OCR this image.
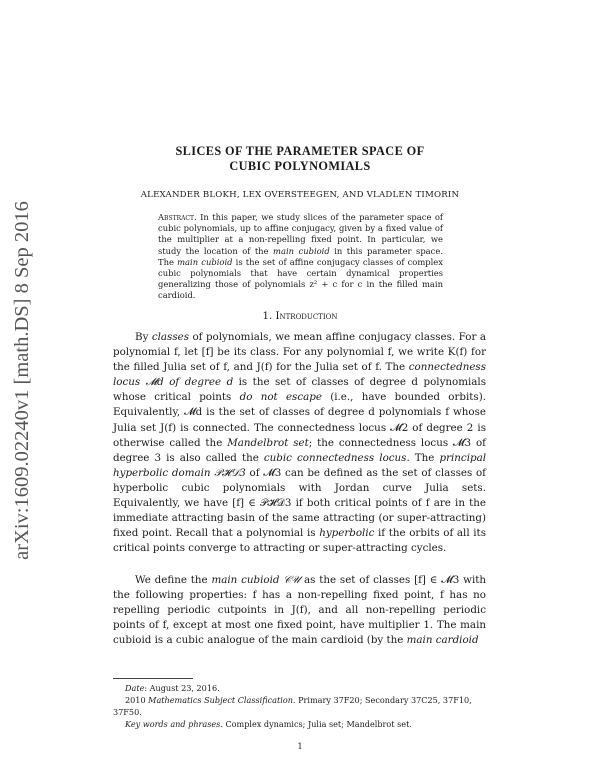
arXiv:1609.02240v1 [math.DS] 8 Sep 2016
SLICES OF THE PARAMETER SPACE OF
CUBIC POLYNOMIALS

ALEXANDER BLOKH, LEX OVERSTEEGEN, AND VLADLEN TIMORIN

Abstract. In this paper, we study slices of the parameter space of cubic polynomials, up to affine conjugacy, given by a fixed value of the multiplier at a non-repelling fixed point. In particular, we study the location of the main cubioid in this parameter space. The main cubioid is the set of affine conjugacy classes of complex cubic polynomials that have certain dynamical properties generalizing those of polynomials z² + c for c in the filled main cardioid.

1. Introduction

By classes of polynomials, we mean affine conjugacy classes. For a polynomial f, let [f] be its class. For any polynomial f, we write K(f) for the filled Julia set of f, and J(f) for the Julia set of f. The connectedness locus 𝓜d of degree d is the set of classes of degree d polynomials whose critical points do not escape (i.e., have bounded orbits). Equivalently, 𝓜d is the set of classes of degree d polynomials f whose Julia set J(f) is connected. The connectedness locus 𝓜2 of degree 2 is otherwise called the Mandelbrot set; the connectedness locus 𝓜3 of degree 3 is also called the cubic connectedness locus. The principal hyperbolic domain 𝒫𝓗𝒟3 of 𝓜3 can be defined as the set of classes of hyperbolic cubic polynomials with Jordan curve Julia sets. Equivalently, we have [f] ∈ 𝒫𝓗𝒟3 if both critical points of f are in the immediate attracting basin of the same attracting (or super-attracting) fixed point. Recall that a polynomial is hyperbolic if the orbits of all its critical points converge to attracting or super-attracting cycles.

We define the main cubioid 𝒞𝒰 as the set of classes [f] ∈ 𝓜3 with the following properties: f has a non-repelling fixed point, f has no repelling periodic cutpoints in J(f), and all non-repelling periodic points of f, except at most one fixed point, have multiplier 1. The main cubioid is a cubic analogue of the main cardioid (by the main cardioid

Date: August 23, 2016.

2010 Mathematics Subject Classification. Primary 37F20; Secondary 37C25, 37F10, 37F50.

Key words and phrases. Complex dynamics; Julia set; Mandelbrot set.

1
